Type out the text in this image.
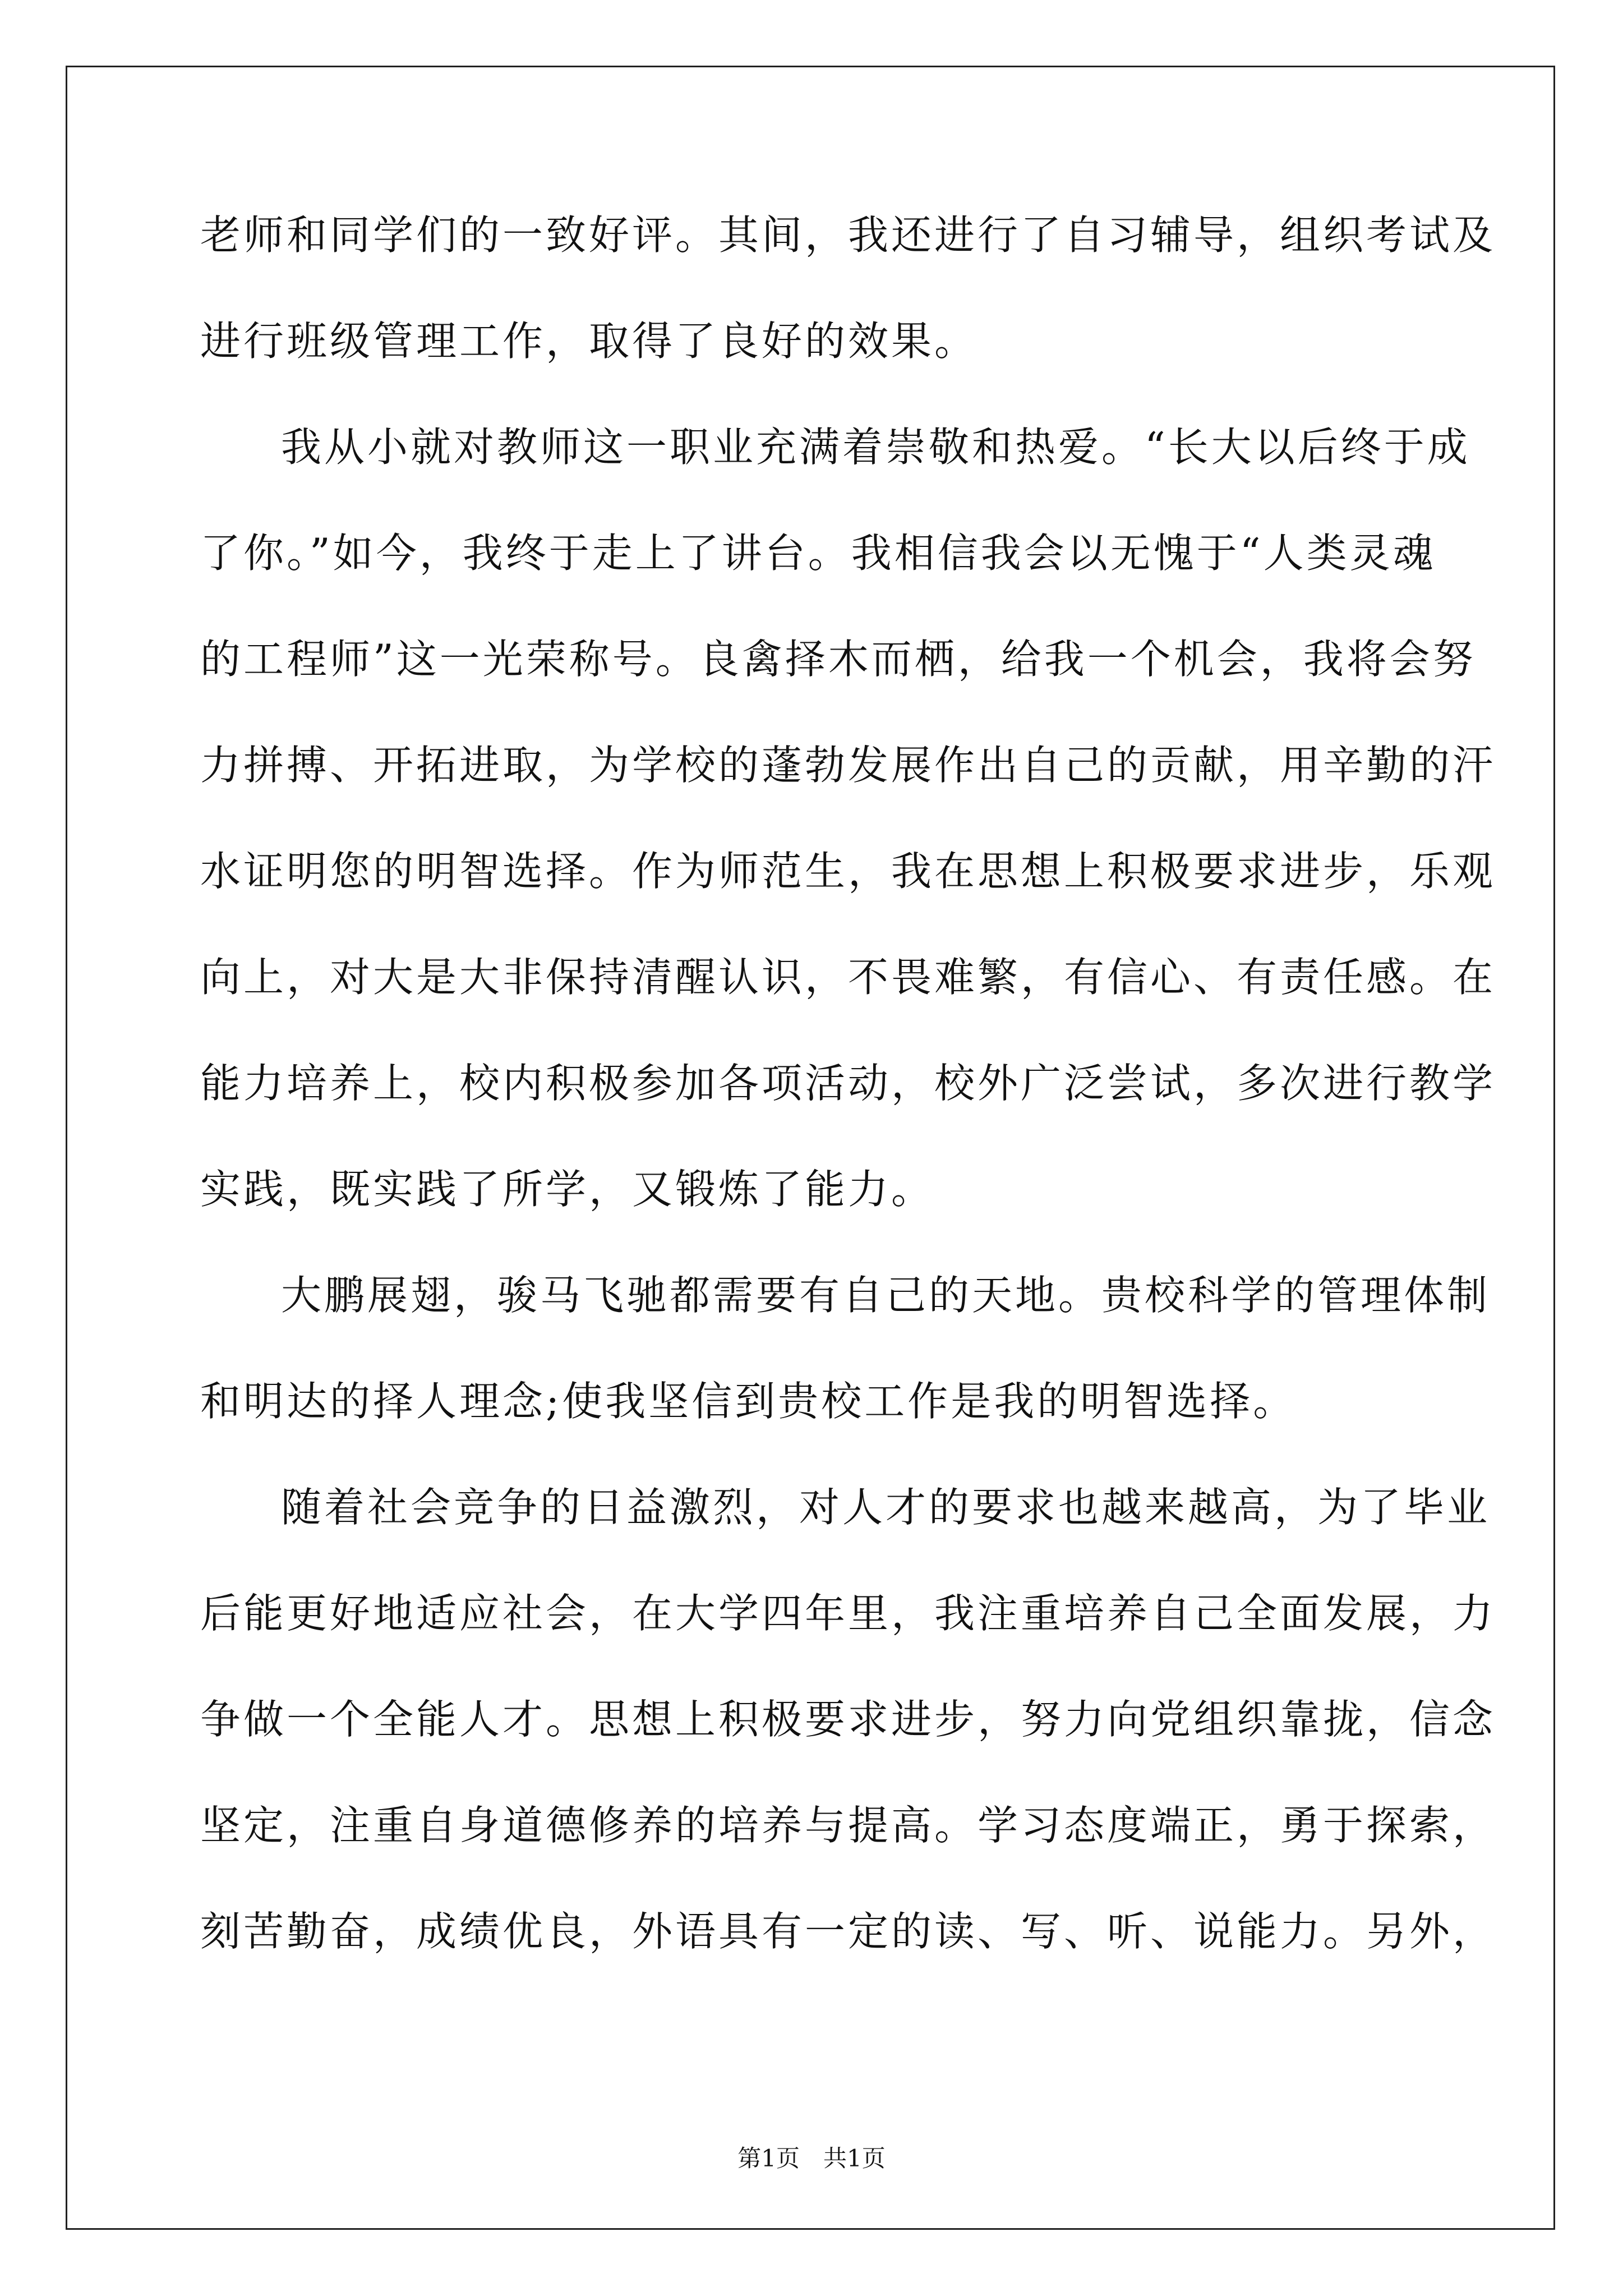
老师和同学们的一致好评。其间，我还进行了自习辅导，组织考试及
进行班级管理工作，取得了良好的效果。
我从小就对教师这一职业充满着崇敬和热爱。“长大以后终于成
了你。”如今，我终于走上了讲台。我相信我会以无愧于“人类灵魂
的工程师”这一光荣称号。良禽择木而栖，给我一个机会，我将会努
力拼搏、开拓进取，为学校的蓬勃发展作出自己的贡献，用辛勤的汗
水证明您的明智选择。作为师范生，我在思想上积极要求进步，乐观
向上，对大是大非保持清醒认识，不畏难繁，有信心、有责任感。在
能力培养上，校内积极参加各项活动，校外广泛尝试，多次进行教学
实践，既实践了所学，又锻炼了能力。
大鹏展翅，骏马飞驰都需要有自己的天地。贵校科学的管理体制
和明达的择人理念;使我坚信到贵校工作是我的明智选择。
随着社会竞争的日益激烈，对人才的要求也越来越高，为了毕业
后能更好地适应社会，在大学四年里，我注重培养自己全面发展，力
争做一个全能人才。思想上积极要求进步，努力向党组织靠拢，信念
坚定，注重自身道德修养的培养与提高。学习态度端正，勇于探索，
刻苦勤奋，成绩优良，外语具有一定的读、写、听、说能力。另外，
第1页　共1页
